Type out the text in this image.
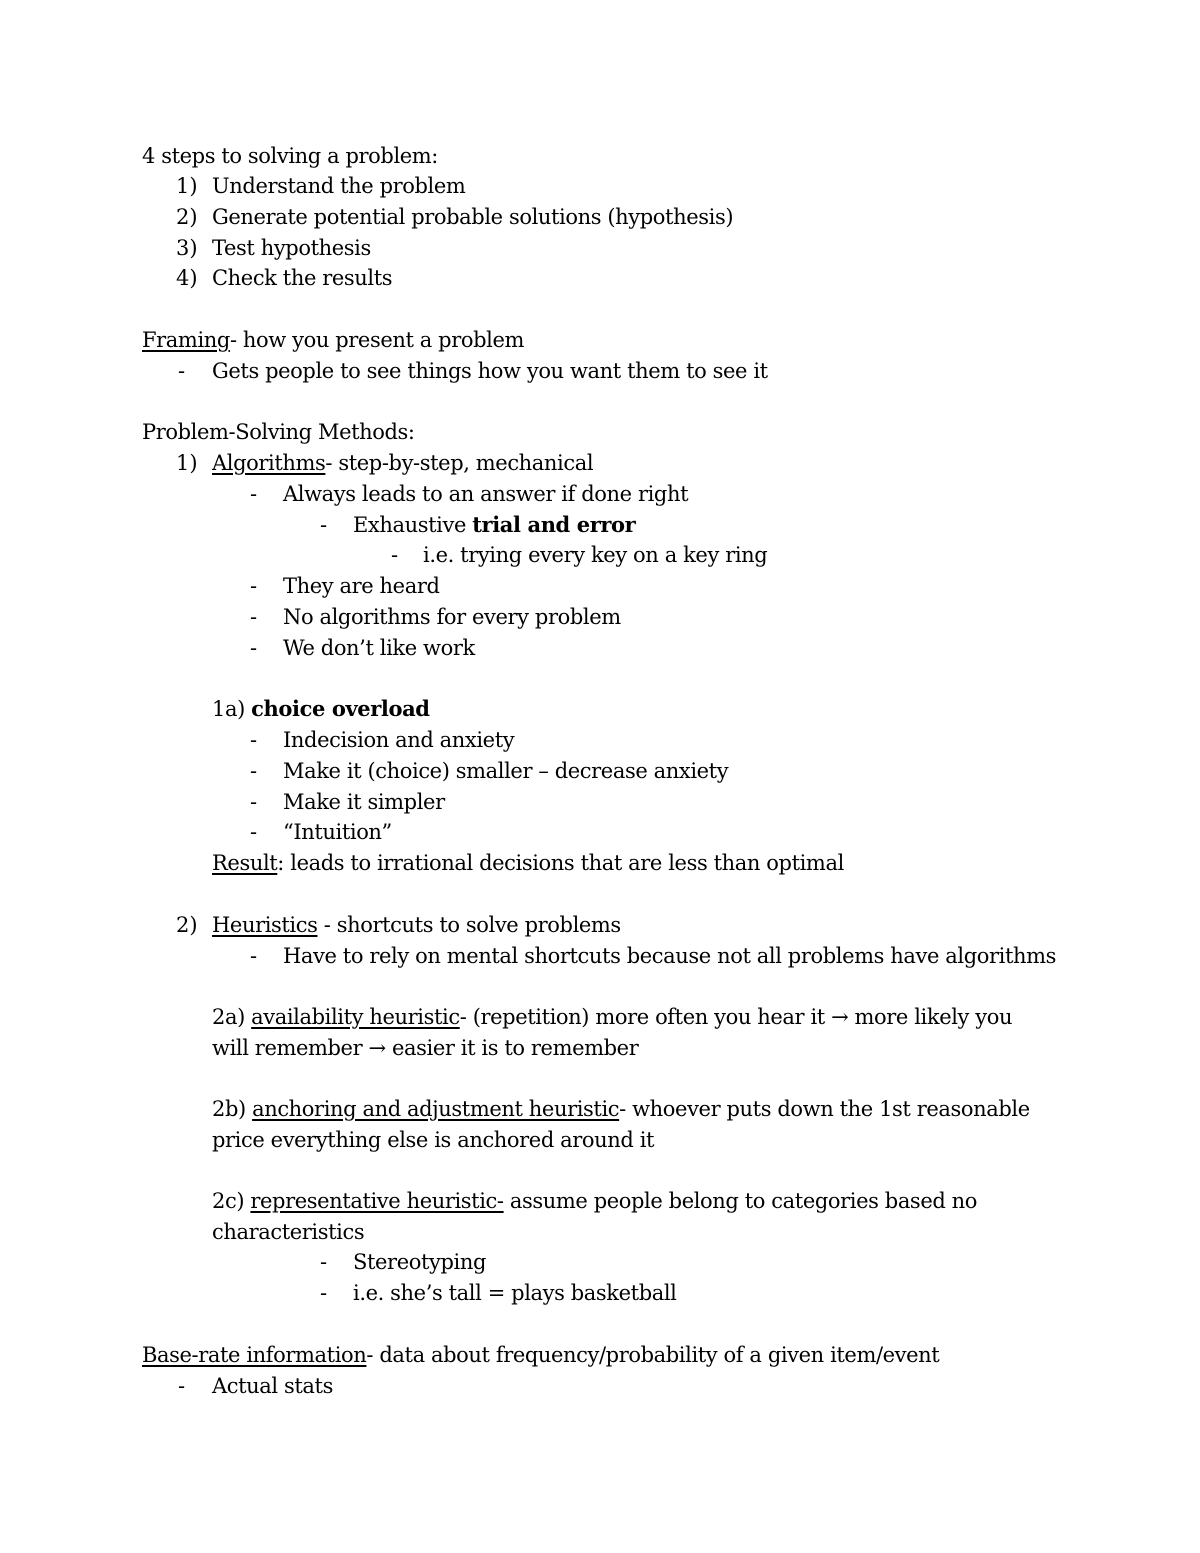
4 steps to solving a problem:
1) Understand the problem
2) Generate potential probable solutions (hypothesis)
3) Test hypothesis
4) Check the results
Framing- how you present a problem
- Gets people to see things how you want them to see it
Problem-Solving Methods:
1) Algorithms- step-by-step, mechanical
- Always leads to an answer if done right
- Exhaustive trial and error
- i.e. trying every key on a key ring
- They are heard
- No algorithms for every problem
- We don’t like work
1a) choice overload
- Indecision and anxiety
- Make it (choice) smaller – decrease anxiety
- Make it simpler
- “Intuition”
Result: leads to irrational decisions that are less than optimal
2) Heuristics - shortcuts to solve problems
- Have to rely on mental shortcuts because not all problems have algorithms
2a) availability heuristic- (repetition) more often you hear it → more likely you
will remember → easier it is to remember
2b) anchoring and adjustment heuristic- whoever puts down the 1st reasonable
price everything else is anchored around it
2c) representative heuristic- assume people belong to categories based no
characteristics
- Stereotyping
- i.e. she’s tall = plays basketball
Base-rate information- data about frequency/probability of a given item/event
- Actual stats
